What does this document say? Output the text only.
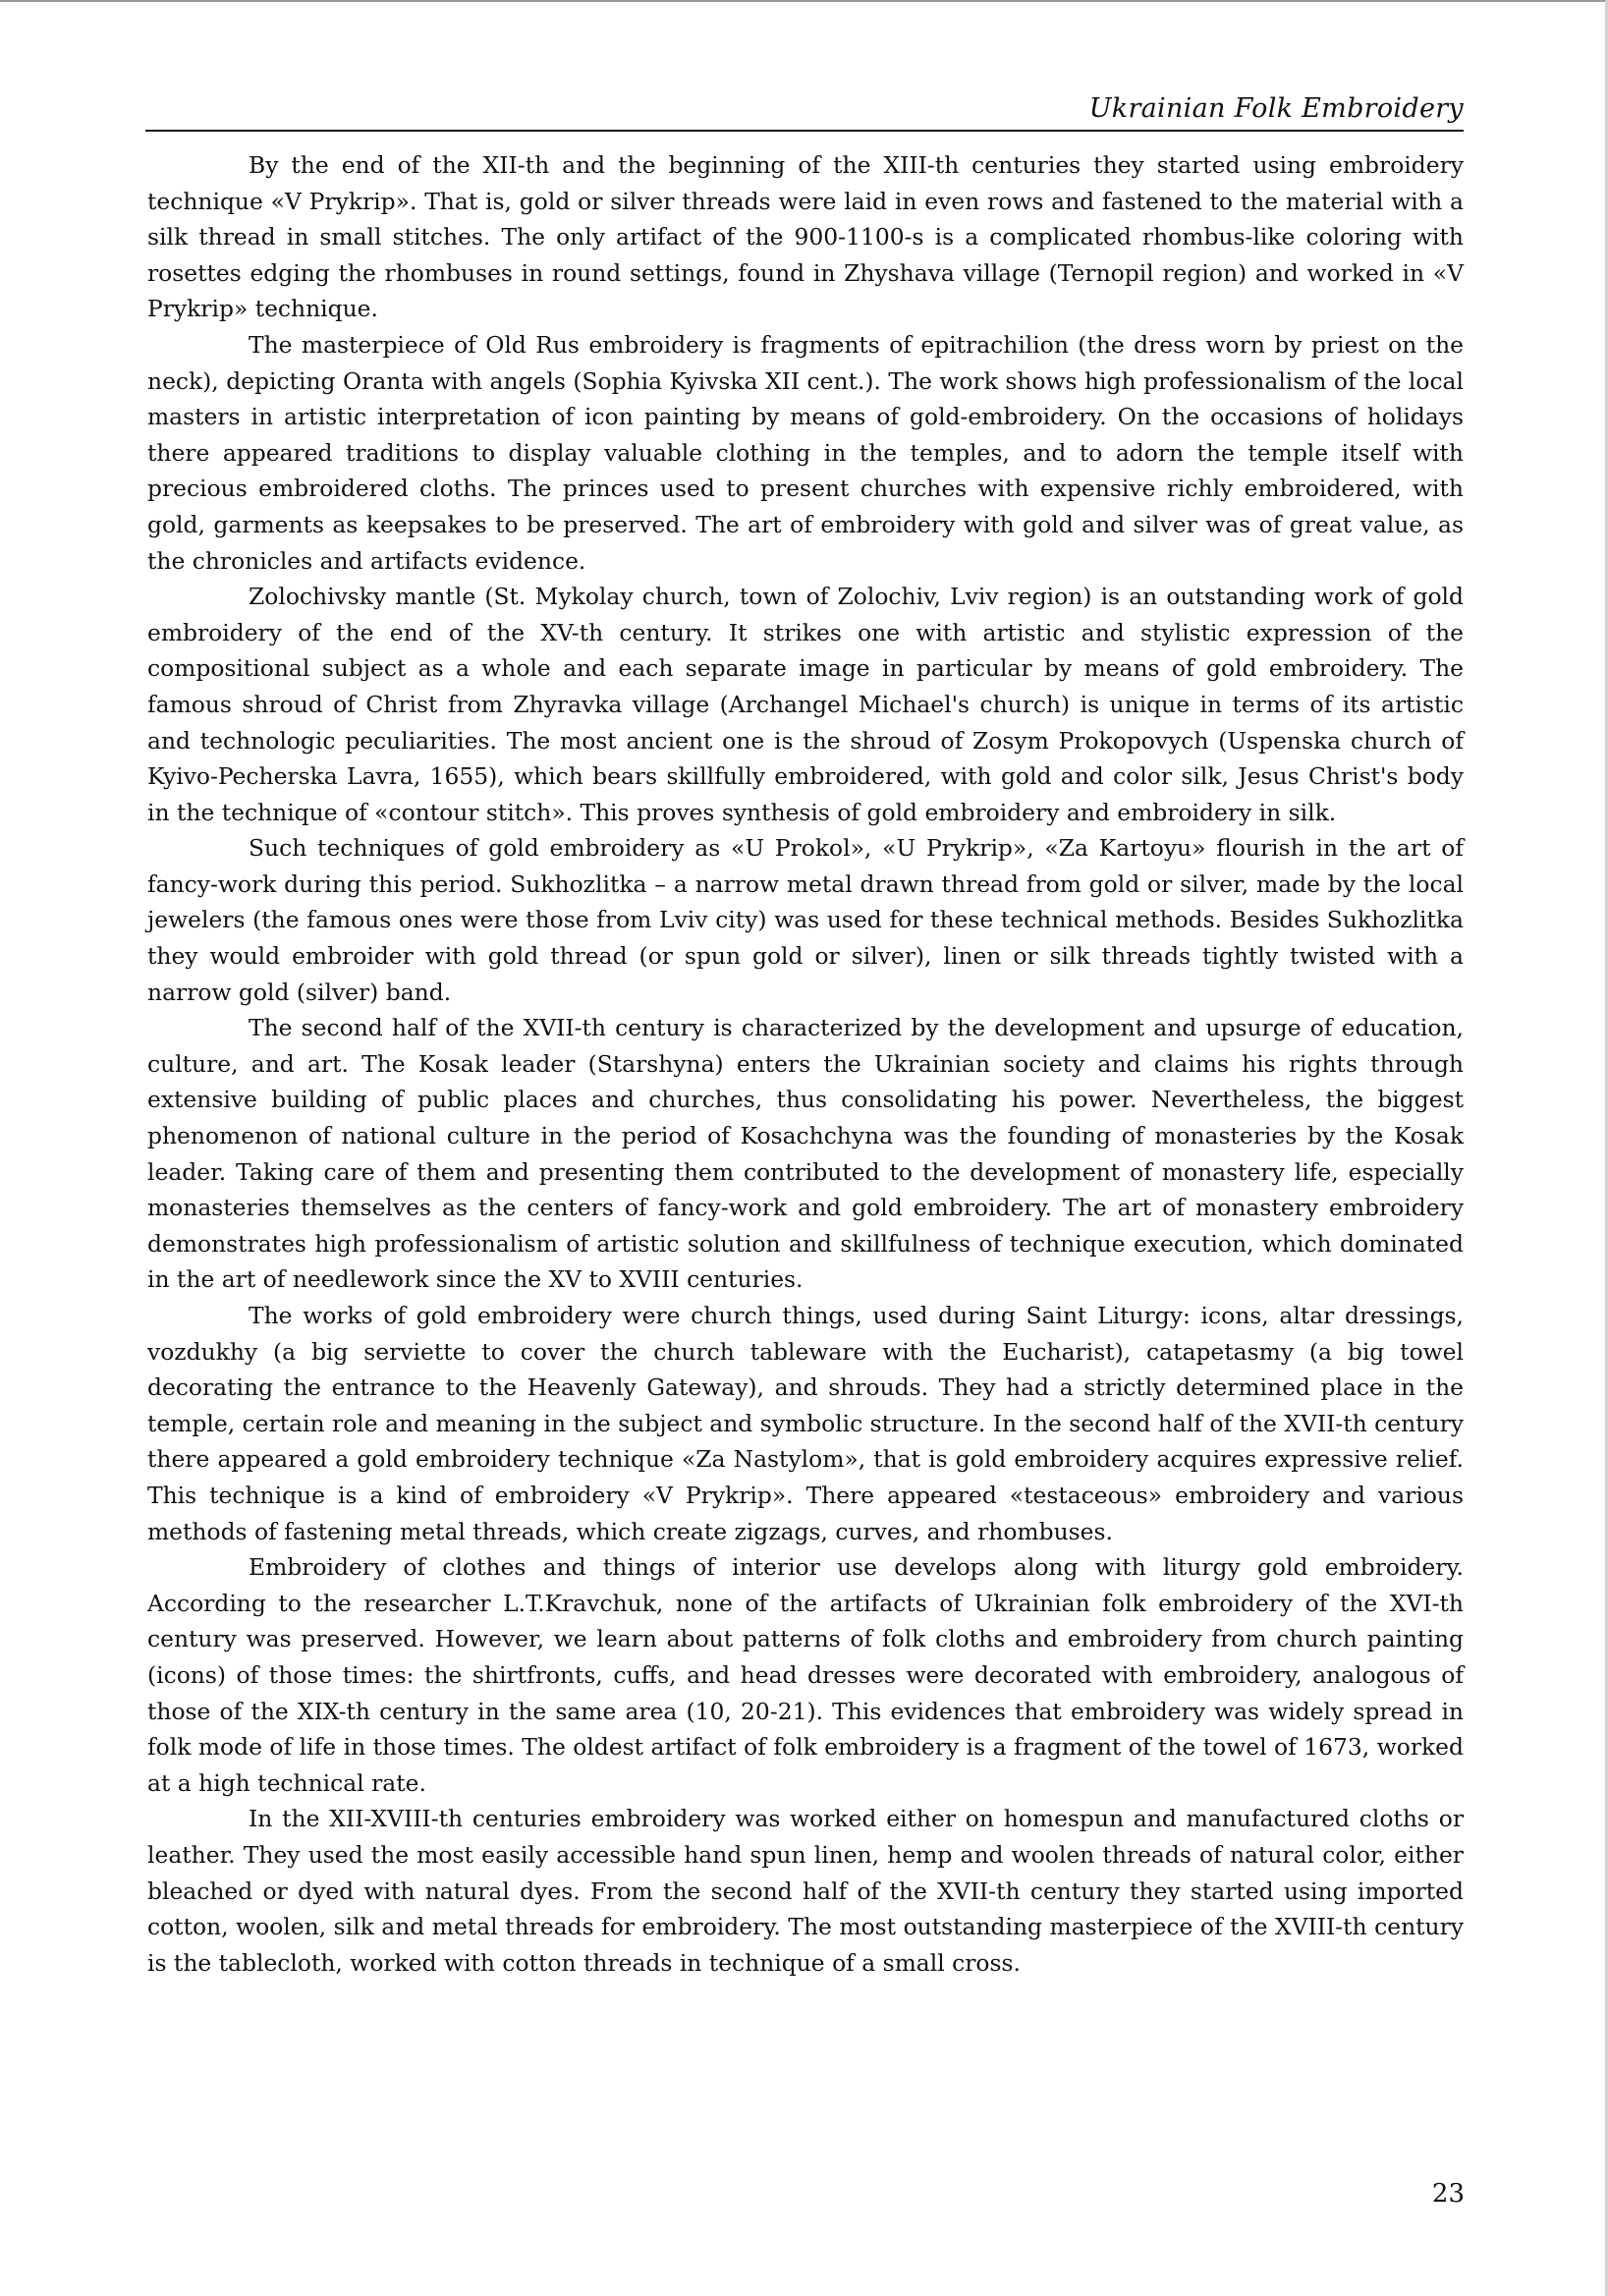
Ukrainian Folk Embroidery

By the end of the XII-th and the beginning of the XIII-th centuries they started using embroidery technique «V Prykrip». That is, gold or silver threads were laid in even rows and fastened to the material with a silk thread in small stitches. The only artifact of the 900-1100-s is a complicated rhombus-like coloring with rosettes edging the rhombuses in round settings, found in Zhyshava village (Ternopil region) and worked in «V Prykrip» technique.

The masterpiece of Old Rus embroidery is fragments of epitrachilion (the dress worn by priest on the neck), depicting Oranta with angels (Sophia Kyivska XII cent.). The work shows high professionalism of the local masters in artistic interpretation of icon painting by means of gold-embroidery. On the occasions of holidays there appeared traditions to display valuable clothing in the temples, and to adorn the temple itself with precious embroidered cloths. The princes used to present churches with expensive richly embroidered, with gold, garments as keepsakes to be preserved. The art of embroidery with gold and silver was of great value, as the chronicles and artifacts evidence.

Zolochivsky mantle (St. Mykolay church, town of Zolochiv, Lviv region) is an outstanding work of gold embroidery of the end of the XV-th century. It strikes one with artistic and stylistic expression of the compositional subject as a whole and each separate image in particular by means of gold embroidery. The famous shroud of Christ from Zhyravka village (Archangel Michael's church) is unique in terms of its artistic and technologic peculiarities. The most ancient one is the shroud of Zosym Prokopovych (Uspenska church of Kyivo-Pecherska Lavra, 1655), which bears skillfully embroidered, with gold and color silk, Jesus Christ's body in the technique of «contour stitch». This proves synthesis of gold embroidery and embroidery in silk.

Such techniques of gold embroidery as «U Prokol», «U Prykrip», «Za Kartoyu» flourish in the art of fancy-work during this period. Sukhozlitka – a narrow metal drawn thread from gold or silver, made by the local jewelers (the famous ones were those from Lviv city) was used for these technical methods. Besides Sukhozlitka they would embroider with gold thread (or spun gold or silver), linen or silk threads tightly twisted with a narrow gold (silver) band.

The second half of the XVII-th century is characterized by the development and upsurge of education, culture, and art. The Kosak leader (Starshyna) enters the Ukrainian society and claims his rights through extensive building of public places and churches, thus consolidating his power. Nevertheless, the biggest phenomenon of national culture in the period of Kosachchyna was the founding of monasteries by the Kosak leader. Taking care of them and presenting them contributed to the development of monastery life, especially monasteries themselves as the centers of fancy-work and gold embroidery. The art of monastery embroidery demonstrates high professionalism of artistic solution and skillfulness of technique execution, which dominated in the art of needlework since the XV to XVIII centuries.

The works of gold embroidery were church things, used during Saint Liturgy: icons, altar dressings, vozdukhy (a big serviette to cover the church tableware with the Eucharist), catapetasmy (a big towel decorating the entrance to the Heavenly Gateway), and shrouds. They had a strictly determined place in the temple, certain role and meaning in the subject and symbolic structure. In the second half of the XVII-th century there appeared a gold embroidery technique «Za Nastylom», that is gold embroidery acquires expressive relief. This technique is a kind of embroidery «V Prykrip». There appeared «testaceous» embroidery and various methods of fastening metal threads, which create zigzags, curves, and rhombuses.

Embroidery of clothes and things of interior use develops along with liturgy gold embroidery. According to the researcher L.T.Kravchuk, none of the artifacts of Ukrainian folk embroidery of the XVI-th century was preserved. However, we learn about patterns of folk cloths and embroidery from church painting (icons) of those times: the shirtfronts, cuffs, and head dresses were decorated with embroidery, analogous of those of the XIX-th century in the same area (10, 20-21). This evidences that embroidery was widely spread in folk mode of life in those times. The oldest artifact of folk embroidery is a fragment of the towel of 1673, worked at a high technical rate.

In the XII-XVIII-th centuries embroidery was worked either on homespun and manufactured cloths or leather. They used the most easily accessible hand spun linen, hemp and woolen threads of natural color, either bleached or dyed with natural dyes. From the second half of the XVII-th century they started using imported cotton, woolen, silk and metal threads for embroidery. The most outstanding masterpiece of the XVIII-th century is the tablecloth, worked with cotton threads in technique of a small cross.

23
